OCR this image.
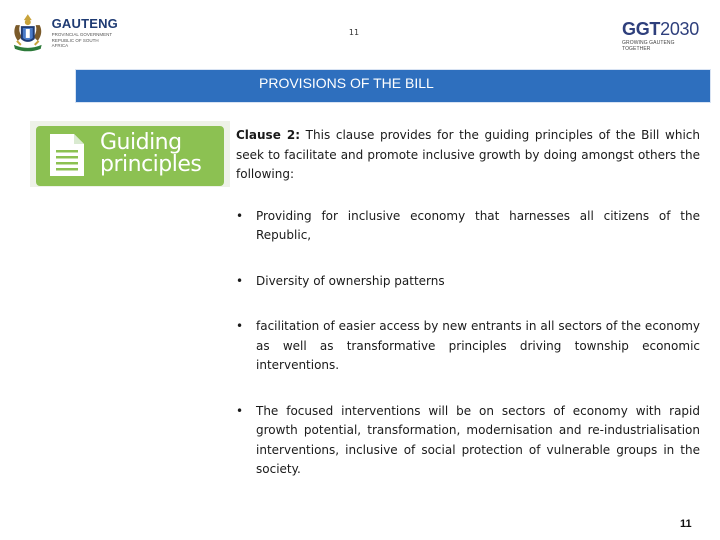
GAUTENG
PROVINCIAL GOVERNMENT REPUBLIC OF SOUTH AFRICA
11	GGT2030
GROWING GAUTENG TOGETHER
PROVISIONS OF THE BILL
Guiding
principles

Clause 2: This clause provides for the guiding principles of the Bill which seek to facilitate and promote inclusive growth by doing amongst others the following:

• Providing for inclusive economy that harnesses all citizens of the Republic,
• Diversity of ownership patterns
• facilitation of easier access by new entrants in all sectors of the economy as well as transformative principles driving township economic interventions.
• The focused interventions will be on sectors of economy with rapid growth potential, transformation, modernisation and re-industrialisation interventions, inclusive of social protection of vulnerable groups in the society.
11
